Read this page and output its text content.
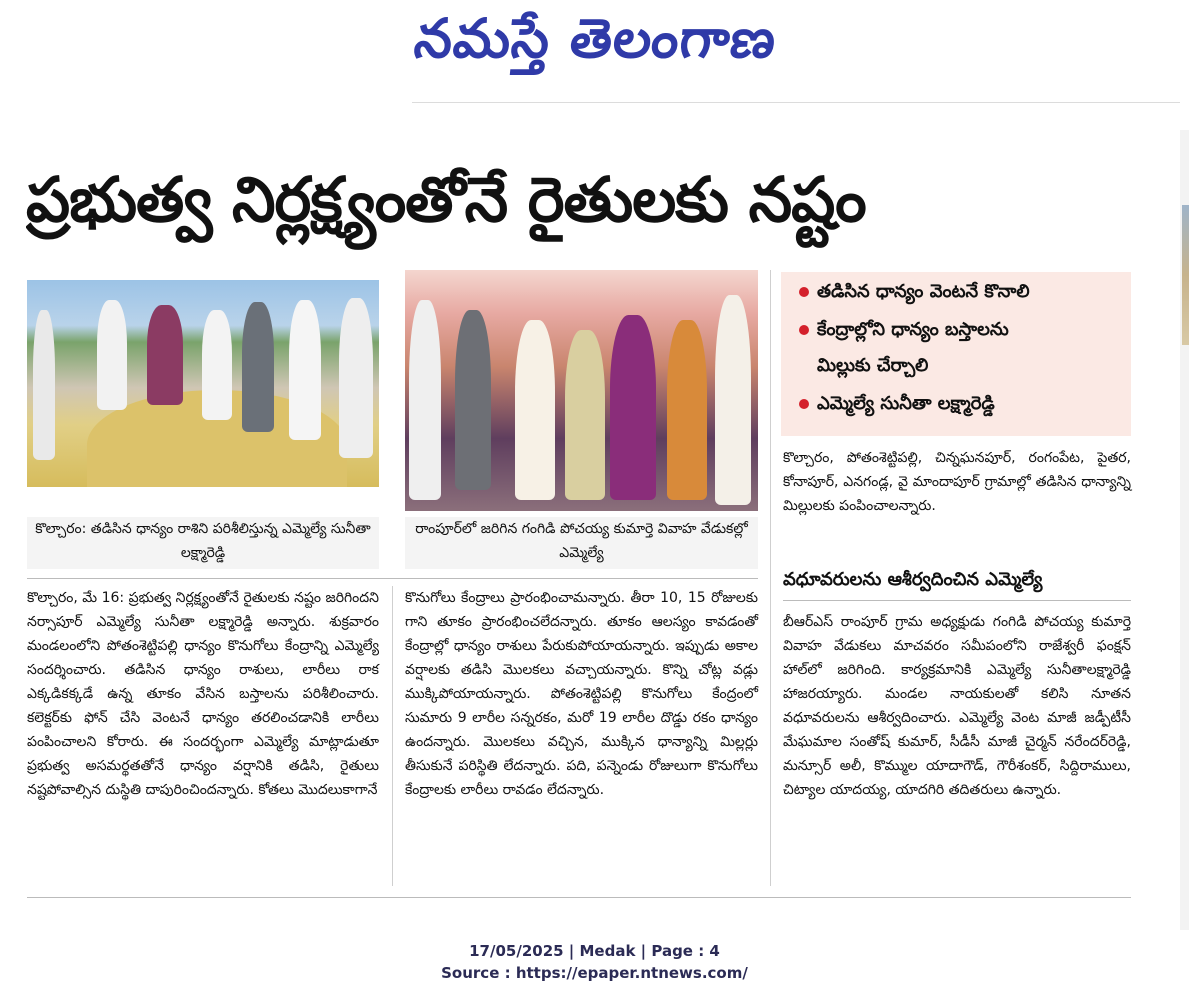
నమస్తే తెలంగాణ
ప్రభుత్వ నిర్లక్ష్యంతోనే రైతులకు నష్టం
కొల్చారం: తడిసిన ధాన్యం రాశిని పరిశీలిస్తున్న ఎమ్మెల్యే సునీతా లక్ష్మారెడ్డి
రాంపూర్‌లో జరిగిన గంగిడి పోచయ్య కుమార్తె వివాహ వేడుకల్లో ఎమ్మెల్యే
తడిసిన ధాన్యం వెంటనే కొనాలి
కేంద్రాల్లోని ధాన్యం బస్తాలను
మిల్లుకు చేర్చాలి
ఎమ్మెల్యే సునీతా లక్ష్మారెడ్డి
కొల్చారం, పోతంశెట్టిపల్లి, చిన్నఘనపూర్, రంగంపేట, పైతర, కోనాపూర్, ఎనగండ్ల, వై మాందాపూర్ గ్రామాల్లో తడిసిన ధాన్యాన్ని మిల్లులకు పంపించాలన్నారు.
వధూవరులను ఆశీర్వదించిన ఎమ్మెల్యే
కొల్చారం, మే 16: ప్రభుత్వ నిర్లక్ష్యంతోనే రైతులకు నష్టం జరిగిందని నర్సాపూర్ ఎమ్మెల్యే సునీతా లక్ష్మారెడ్డి అన్నారు. శుక్రవారం మండలంలోని పోతంశెట్టిపల్లి ధాన్యం కొనుగోలు కేంద్రాన్ని ఎమ్మెల్యే సందర్శించారు. తడిసిన ధాన్యం రాశులు, లారీలు రాక ఎక్కడికక్కడే ఉన్న తూకం వేసిన బస్తాలను పరిశీలించారు. కలెక్టర్‌కు ఫోన్ చేసి వెంటనే ధాన్యం తరలించడానికి లారీలు పంపించాలని కోరారు. ఈ సందర్భంగా ఎమ్మెల్యే మాట్లాడుతూ ప్రభుత్వ అసమర్థతతోనే ధాన్యం వర్షానికి తడిసి, రైతులు నష్టపోవాల్సిన దుస్థితి దాపురించిందన్నారు. కోతలు మొదలుకాగానే
కొనుగోలు కేంద్రాలు ప్రారంభించామన్నారు. తీరా 10, 15 రోజులకు గాని తూకం ప్రారంభించలేదన్నారు. తూకం ఆలస్యం కావడంతో కేంద్రాల్లో ధాన్యం రాశులు పేరుకుపోయాయన్నారు. ఇప్పుడు అకాల వర్షాలకు తడిసి మొలకలు వచ్చాయన్నారు. కొన్ని చోట్ల వడ్లు ముక్కిపోయాయన్నారు. పోతంశెట్టిపల్లి కొనుగోలు కేంద్రంలో సుమారు 9 లారీల సన్నరకం, మరో 19 లారీల దొడ్డు రకం ధాన్యం ఉందన్నారు. మొలకలు వచ్చిన, ముక్కిన ధాన్యాన్ని మిల్లర్లు తీసుకునే పరిస్థితి లేదన్నారు. పది, పన్నెండు రోజులుగా కొనుగోలు కేంద్రాలకు లారీలు రావడం లేదన్నారు.
బీఆర్‌ఎస్ రాంపూర్ గ్రామ అధ్యక్షుడు గంగిడి పోచయ్య కుమార్తె వివాహ వేడుకలు మాచవరం సమీపంలోని రాజేశ్వరీ ఫంక్షన్ హాల్‌లో జరిగింది. కార్యక్రమానికి ఎమ్మెల్యే సునీతాలక్ష్మారెడ్డి హాజరయ్యారు. మండల నాయకులతో కలిసి నూతన వధూవరులను ఆశీర్వదించారు. ఎమ్మెల్యే వెంట మాజీ జడ్పీటీసీ మేఘమాల సంతోష్ కుమార్, సీడీసీ మాజీ చైర్మన్ నరేందర్‌రెడ్డి, మన్సూర్ అలీ, కొమ్ముల యాదాగౌడ్, గౌరీశంకర్, సిద్దిరాములు, చిట్యాల యాదయ్య, యాదగిరి తదితరులు ఉన్నారు.
17/05/2025 | Medak | Page : 4
Source : https://epaper.ntnews.com/
